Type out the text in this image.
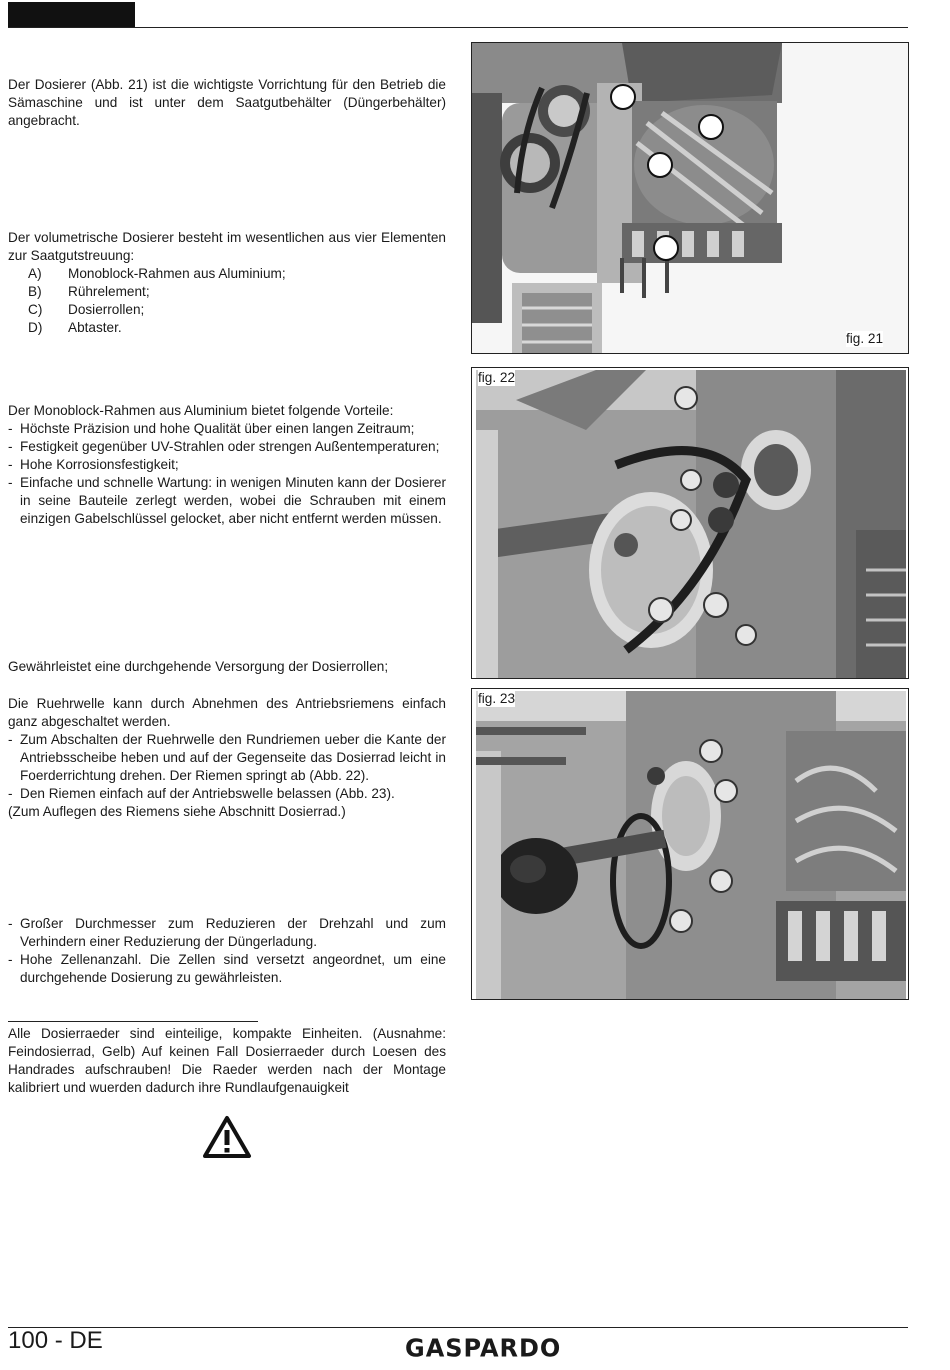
Der Dosierer (Abb. 21) ist die wichtigste Vorrichtung für den Betrieb die Sämaschine und ist unter dem Saatgutbehälter (Düngerbehälter) angebracht.
Der volumetrische Dosierer besteht im wesentlichen aus vier Elementen zur Saatgutstreuung:
A)	Monoblock-Rahmen aus Aluminium;
B)	Rührelement;
C)	Dosierrollen;
D)	Abtaster.
Der Monoblock-Rahmen aus Aluminium bietet folgende Vorteile:
- Höchste Präzision und hohe Qualität über einen langen Zeitraum;
- Festigkeit gegenüber UV-Strahlen oder strengen Außentemperaturen;
- Hohe Korrosionsfestigkeit;
- Einfache und schnelle Wartung: in wenigen Minuten kann der Dosierer in seine Bauteile zerlegt werden, wobei die Schrauben mit einem einzigen Gabelschlüssel gelocket, aber nicht entfernt werden müssen.
Gewährleistet eine durchgehende Versorgung der Dosierrollen;
Die Ruehrwelle kann durch Abnehmen des Antriebsriemens einfach ganz abgeschaltet werden.
- Zum Abschalten der Ruehrwelle den Rundriemen ueber die Kante der Antriebsscheibe heben und auf der Gegenseite das Dosierrad leicht in Foerderrichtung drehen. Der Riemen springt ab (Abb. 22).
- Den Riemen einfach auf der Antriebswelle belassen (Abb. 23).
(Zum Auflegen des Riemens siehe Abschnitt Dosierrad.)
- Großer Durchmesser zum Reduzieren der Drehzahl und zum Verhindern einer Reduzierung der Düngerladung.
- Hohe Zellenanzahl. Die Zellen sind versetzt angeordnet, um eine durchgehende Dosierung zu gewährleisten.
Alle Dosierraeder sind einteilige, kompakte Einheiten. (Ausnahme: Feindosierrad, Gelb) Auf keinen Fall Dosierraeder durch Loesen des Handrades aufschrauben! Die Raeder werden nach der Montage kalibriert und wuerden dadurch ihre Rundlaufgenauigkeit
fig. 21
fig. 22
fig. 23
100 - DE	GASPARDO
